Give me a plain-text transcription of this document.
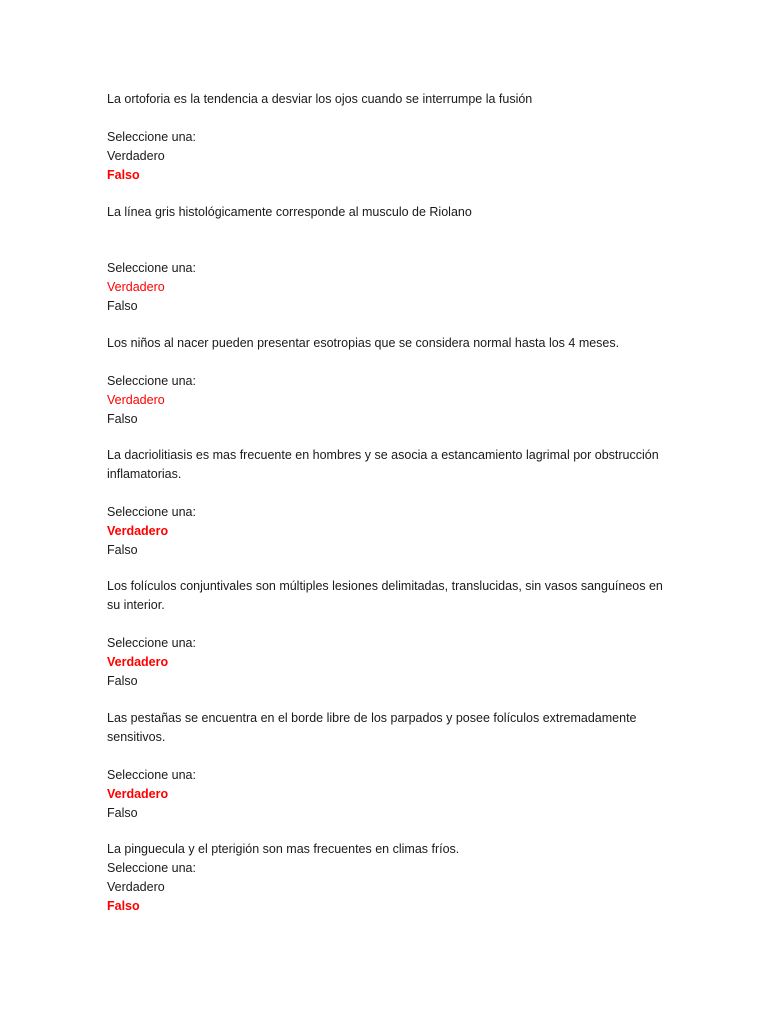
La ortoforia es la tendencia a desviar los ojos cuando se interrumpe la fusión
Seleccione una:
Verdadero
Falso
La línea gris histológicamente corresponde al musculo de Riolano
Seleccione una:
Verdadero
Falso
Los niños al nacer pueden presentar esotropias que se considera normal hasta los 4 meses.
Seleccione una:
Verdadero
Falso
La dacriolitiasis es mas frecuente en hombres y se asocia a estancamiento lagrimal por obstrucción
inflamatorias.
Seleccione una:
Verdadero
Falso
Los folículos conjuntivales son múltiples lesiones delimitadas, translucidas, sin vasos sanguíneos en
su interior.
Seleccione una:
Verdadero
Falso
Las pestañas se encuentra en el borde libre de los parpados y posee folículos extremadamente
sensitivos.
Seleccione una:
Verdadero
Falso
La pinguecula y el pterigión son mas frecuentes en climas fríos.
Seleccione una:
Verdadero
Falso
